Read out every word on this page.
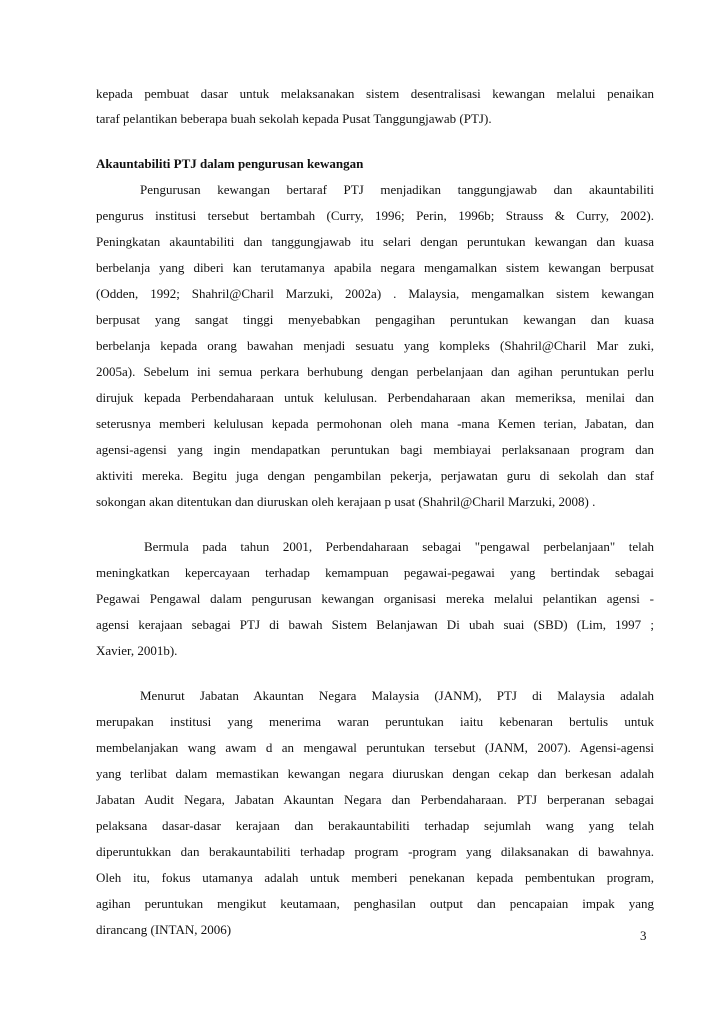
kepada pembuat dasar untuk melaksanakan sistem desentralisasi kewangan melalui penaikan
taraf pelantikan beberapa buah sekolah kepada Pusat Tanggungjawab (PTJ).
Akauntabiliti PTJ dalam pengurusan kewangan
Pengurusan kewangan bertaraf PTJ menjadikan tanggungjawab dan akauntabiliti
pengurus institusi tersebut bertambah (Curry, 1996; Perin, 1996b; Strauss & Curry, 2002).
Peningkatan akauntabiliti dan tanggungjawab itu selari dengan peruntukan kewangan dan kuasa
berbelanja yang diberi kan terutamanya apabila negara mengamalkan sistem kewangan berpusat
(Odden, 1992; Shahril@Charil Marzuki, 2002a) . Malaysia, mengamalkan sistem kewangan
berpusat yang sangat tinggi menyebabkan pengagihan peruntukan kewangan dan kuasa
berbelanja kepada orang bawahan menjadi sesuatu yang kompleks (Shahril@Charil Mar zuki,
2005a). Sebelum ini semua perkara berhubung dengan perbelanjaan dan agihan peruntukan perlu
dirujuk kepada Perbendaharaan untuk kelulusan. Perbendaharaan akan memeriksa, menilai dan
seterusnya memberi kelulusan kepada permohonan oleh mana -mana Kemen terian, Jabatan, dan
agensi-agensi yang ingin mendapatkan peruntukan bagi membiayai perlaksanaan program dan
aktiviti mereka. Begitu juga dengan pengambilan pekerja, perjawatan guru di sekolah dan staf
sokongan akan ditentukan dan diuruskan oleh kerajaan p usat (Shahril@Charil Marzuki, 2008) .
Bermula pada tahun 2001, Perbendaharaan sebagai "pengawal perbelanjaan" telah
meningkatkan kepercayaan terhadap kemampuan pegawai-pegawai yang bertindak sebagai
Pegawai Pengawal dalam pengurusan kewangan organisasi mereka melalui pelantikan agensi -
agensi kerajaan sebagai PTJ di bawah Sistem Belanjawan Di ubah suai (SBD) (Lim, 1997 ;
Xavier, 2001b).
Menurut Jabatan Akauntan Negara Malaysia (JANM), PTJ di Malaysia adalah
merupakan institusi yang menerima waran peruntukan iaitu kebenaran bertulis untuk
membelanjakan wang awam d an mengawal peruntukan tersebut (JANM, 2007). Agensi-agensi
yang terlibat dalam memastikan kewangan negara diuruskan dengan cekap dan berkesan adalah
Jabatan Audit Negara, Jabatan Akauntan Negara dan Perbendaharaan. PTJ berperanan sebagai
pelaksana dasar-dasar kerajaan dan berakauntabiliti terhadap sejumlah wang yang telah
diperuntukkan dan berakauntabiliti terhadap program -program yang dilaksanakan di bawahnya.
Oleh itu, fokus utamanya adalah untuk memberi penekanan kepada pembentukan program,
agihan peruntukan mengikut keutamaan, penghasilan output dan pencapaian impak yang
dirancang (INTAN, 2006)	3
